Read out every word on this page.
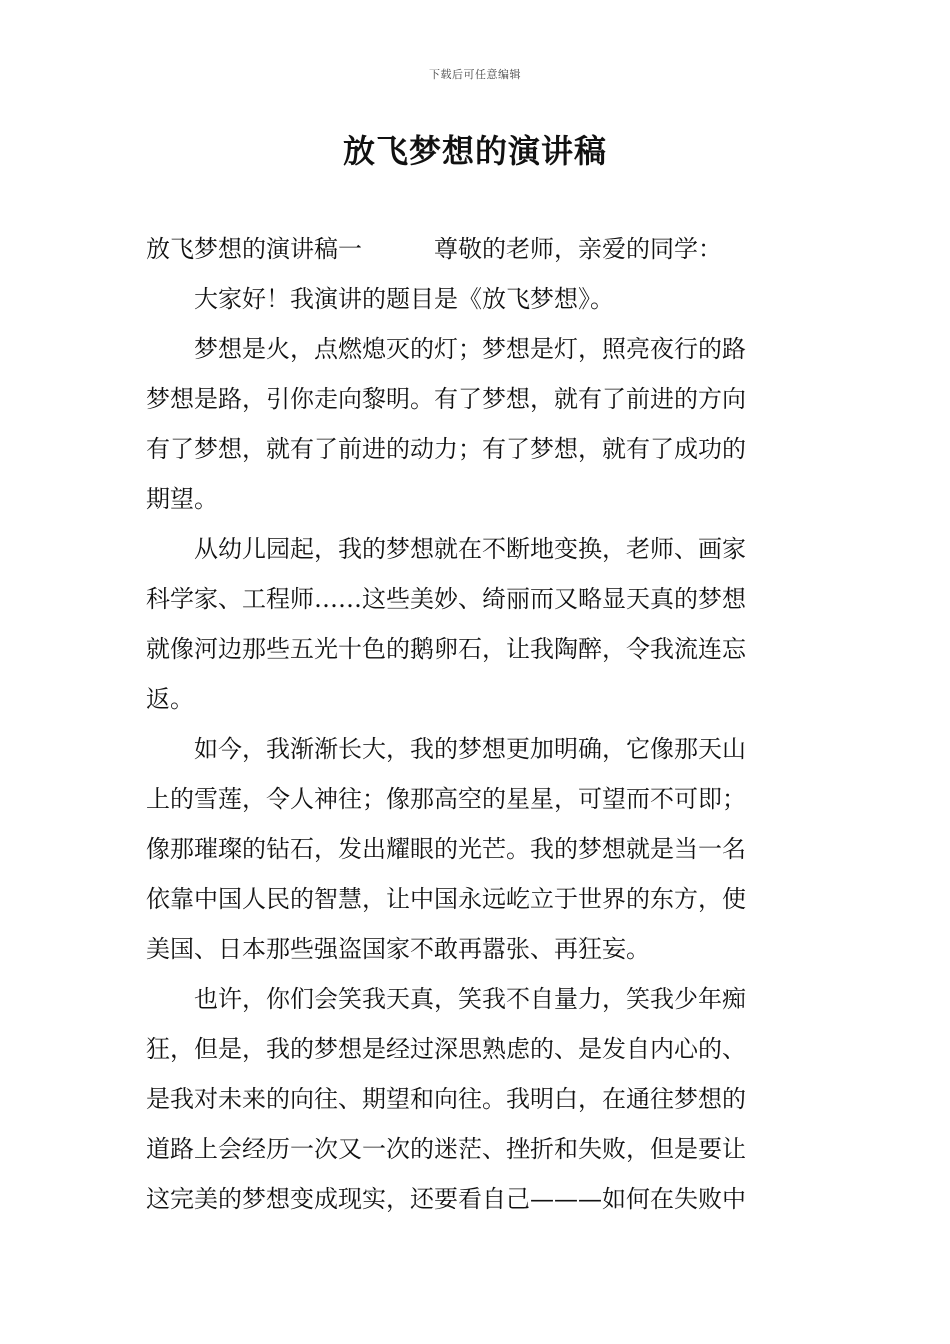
下载后可任意编辑
放飞梦想的演讲稿
放飞梦想的演讲稿一	尊敬的老师，亲爱的同学：
大家好！我演讲的题目是《放飞梦想》。
梦想是火，点燃熄灭的灯；梦想是灯，照亮夜行的路
梦想是路，引你走向黎明。有了梦想，就有了前进的方向
有了梦想，就有了前进的动力；有了梦想，就有了成功的
期望。
从幼儿园起，我的梦想就在不断地变换，老师、画家
科学家、工程师……这些美妙、绮丽而又略显天真的梦想
就像河边那些五光十色的鹅卵石，让我陶醉，令我流连忘
返。
如今，我渐渐长大，我的梦想更加明确，它像那天山
上的雪莲，令人神往；像那高空的星星，可望而不可即；
像那璀璨的钻石，发出耀眼的光芒。我的梦想就是当一名
依靠中国人民的智慧，让中国永远屹立于世界的东方，使
美国、日本那些强盗国家不敢再嚣张、再狂妄。
也许，你们会笑我天真，笑我不自量力，笑我少年痴
狂，但是，我的梦想是经过深思熟虑的、是发自内心的、
是我对未来的向往、期望和向往。我明白，在通往梦想的
道路上会经历一次又一次的迷茫、挫折和失败，但是要让
这完美的梦想变成现实，还要看自己———如何在失败中
